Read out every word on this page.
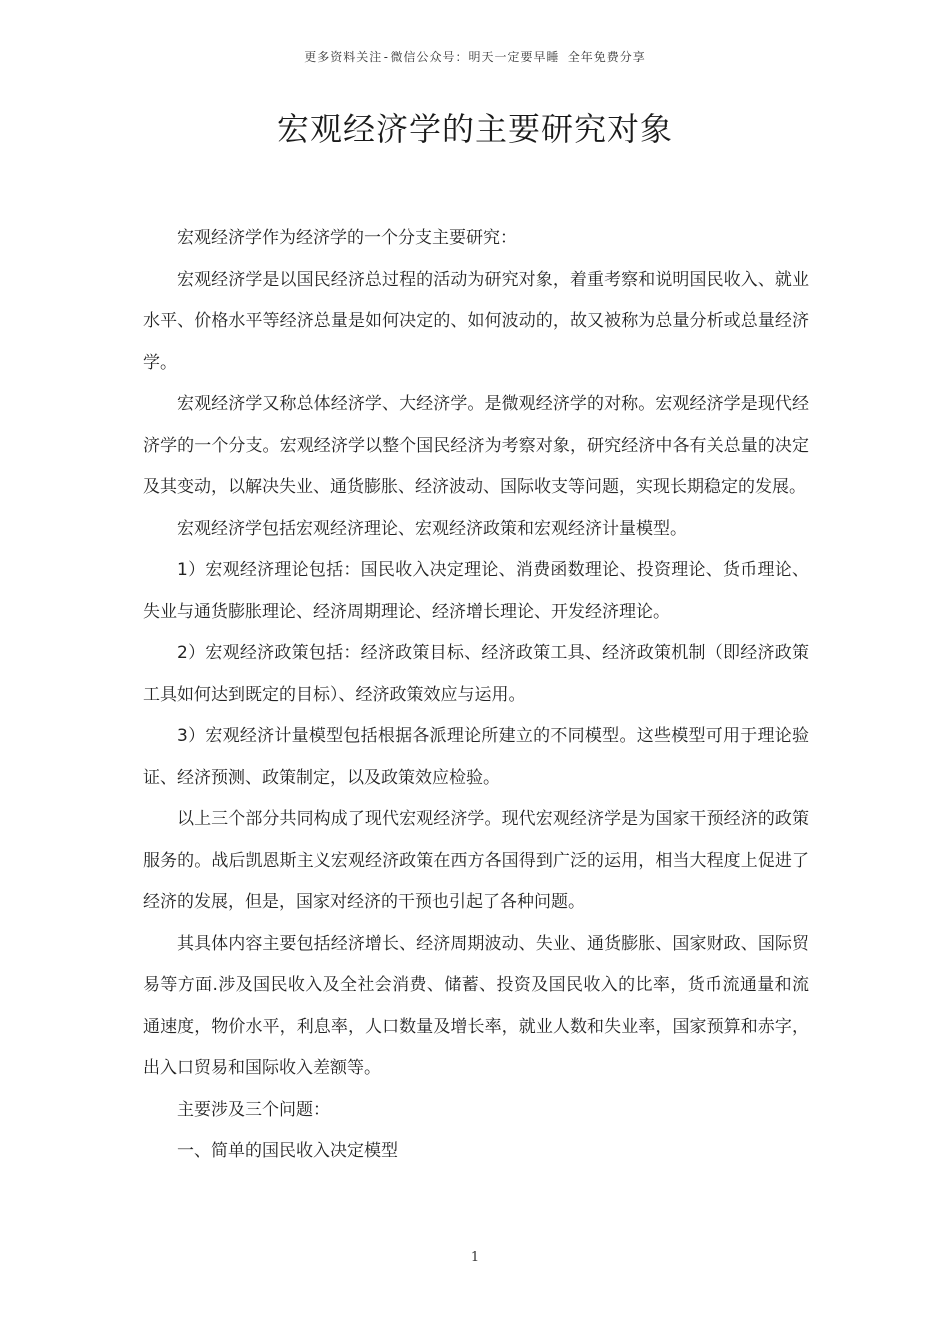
更多资料关注-微信公众号：明天一定要早睡 全年免费分享
宏观经济学的主要研究对象

宏观经济学作为经济学的一个分支主要研究：

宏观经济学是以国民经济总过程的活动为研究对象，着重考察和说明国民收入、就业水平、价格水平等经济总量是如何决定的、如何波动的，故又被称为总量分析或总量经济学。

宏观经济学又称总体经济学、大经济学。是微观经济学的对称。宏观经济学是现代经济学的一个分支。宏观经济学以整个国民经济为考察对象，研究经济中各有关总量的决定及其变动，以解决失业、通货膨胀、经济波动、国际收支等问题，实现长期稳定的发展。

宏观经济学包括宏观经济理论、宏观经济政策和宏观经济计量模型。

1）宏观经济理论包括：国民收入决定理论、消费函数理论、投资理论、货币理论、失业与通货膨胀理论、经济周期理论、经济增长理论、开发经济理论。

2）宏观经济政策包括：经济政策目标、经济政策工具、经济政策机制（即经济政策工具如何达到既定的目标）、经济政策效应与运用。

3）宏观经济计量模型包括根据各派理论所建立的不同模型。这些模型可用于理论验证、经济预测、政策制定，以及政策效应检验。

以上三个部分共同构成了现代宏观经济学。现代宏观经济学是为国家干预经济的政策服务的。战后凯恩斯主义宏观经济政策在西方各国得到广泛的运用，相当大程度上促进了经济的发展，但是，国家对经济的干预也引起了各种问题。

其具体内容主要包括经济增长、经济周期波动、失业、通货膨胀、国家财政、国际贸易等方面.涉及国民收入及全社会消费、储蓄、投资及国民收入的比率，货币流通量和流通速度，物价水平，利息率，人口数量及增长率，就业人数和失业率，国家预算和赤字，出入口贸易和国际收入差额等。

主要涉及三个问题：

一、简单的国民收入决定模型

1
